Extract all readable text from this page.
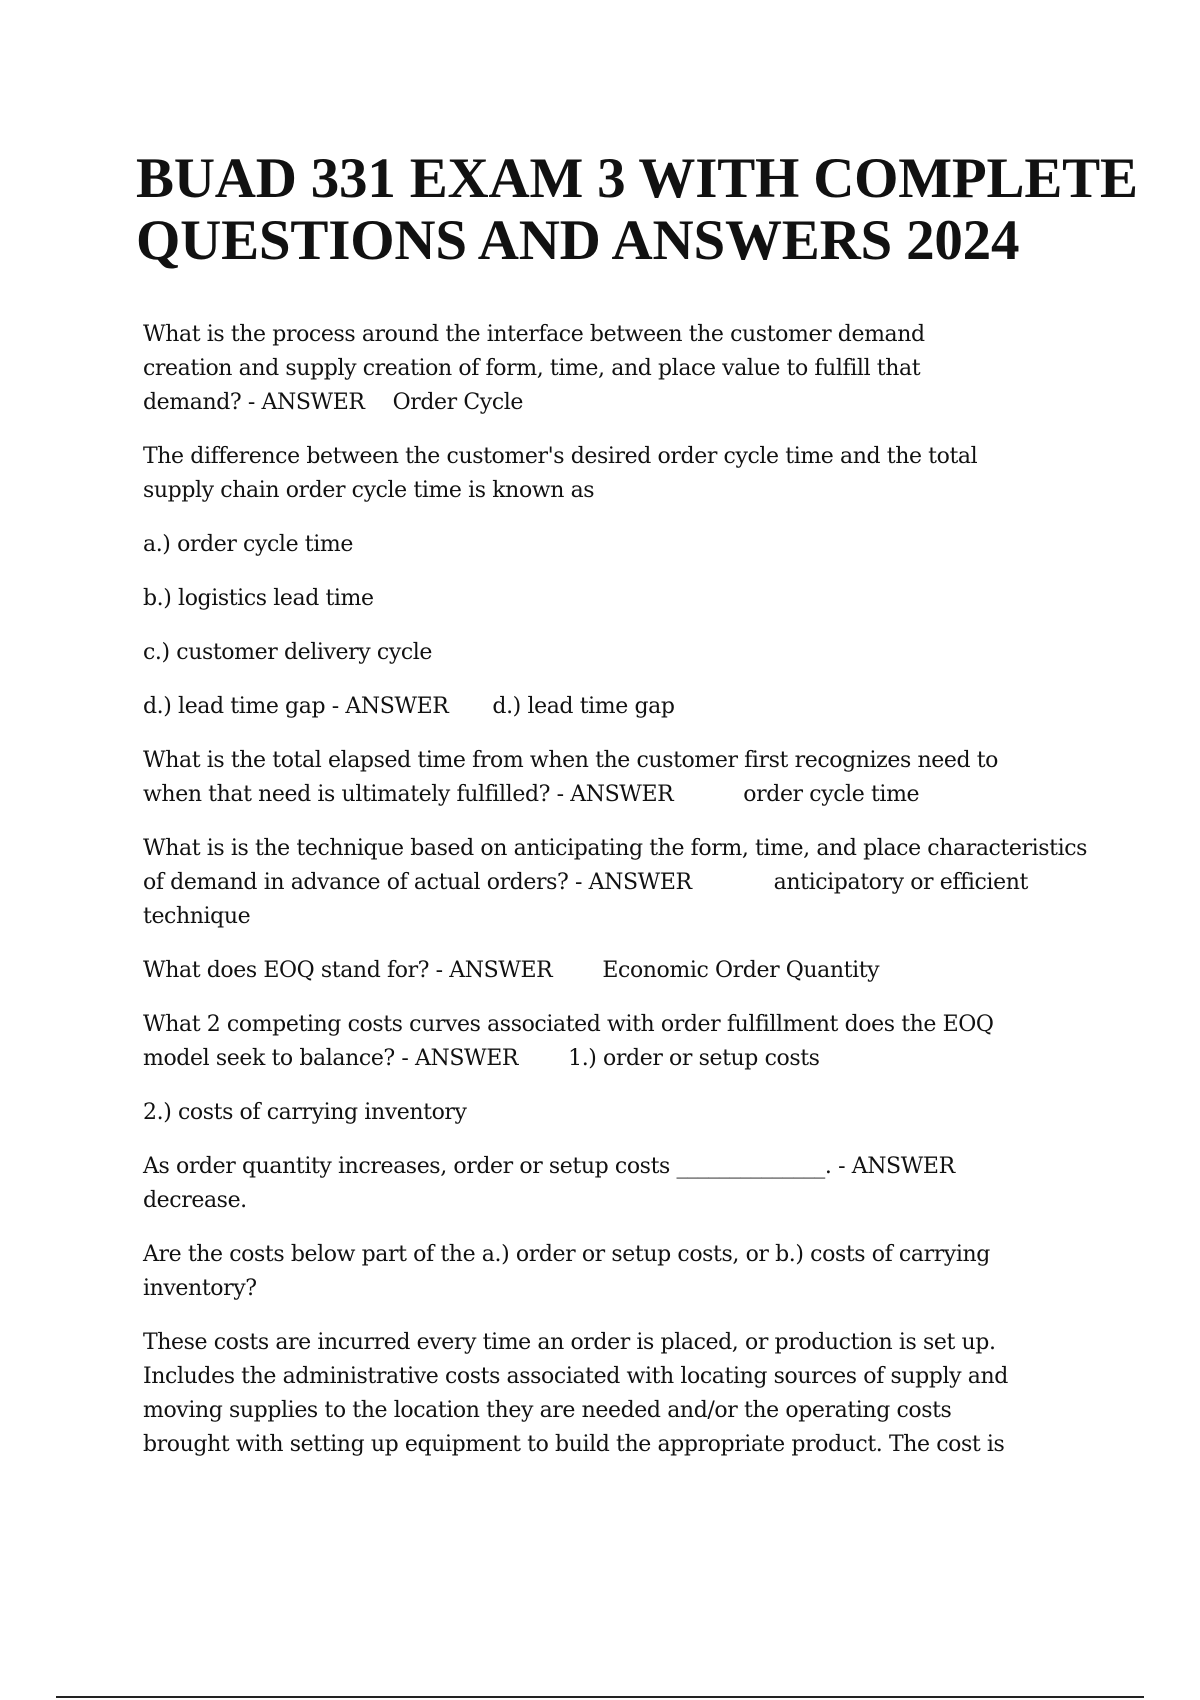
BUAD 331 EXAM 3 WITH COMPLETE QUESTIONS AND ANSWERS 2024

What is the process around the interface between the customer demand creation and supply creation of form, time, and place value to fulfill that demand? - ANSWER Order Cycle

The difference between the customer's desired order cycle time and the total supply chain order cycle time is known as

a.) order cycle time

b.) logistics lead time

c.) customer delivery cycle

d.) lead time gap - ANSWER d.) lead time gap

What is the total elapsed time from when the customer first recognizes need to when that need is ultimately fulfilled? - ANSWER	order cycle time

What is is the technique based on anticipating the form, time, and place characteristics of demand in advance of actual orders? - ANSWER	anticipatory or efficient technique

What does EOQ stand for? - ANSWER Economic Order Quantity

What 2 competing costs curves associated with order fulfillment does the EOQ model seek to balance? - ANSWER 1.) order or setup costs

2.) costs of carrying inventory

As order quantity increases, order or setup costs ______________. - ANSWER decrease.

Are the costs below part of the a.) order or setup costs, or b.) costs of carrying inventory?

These costs are incurred every time an order is placed, or production is set up. Includes the administrative costs associated with locating sources of supply and moving supplies to the location they are needed and/or the operating costs brought with setting up equipment to build the appropriate product. The cost is
